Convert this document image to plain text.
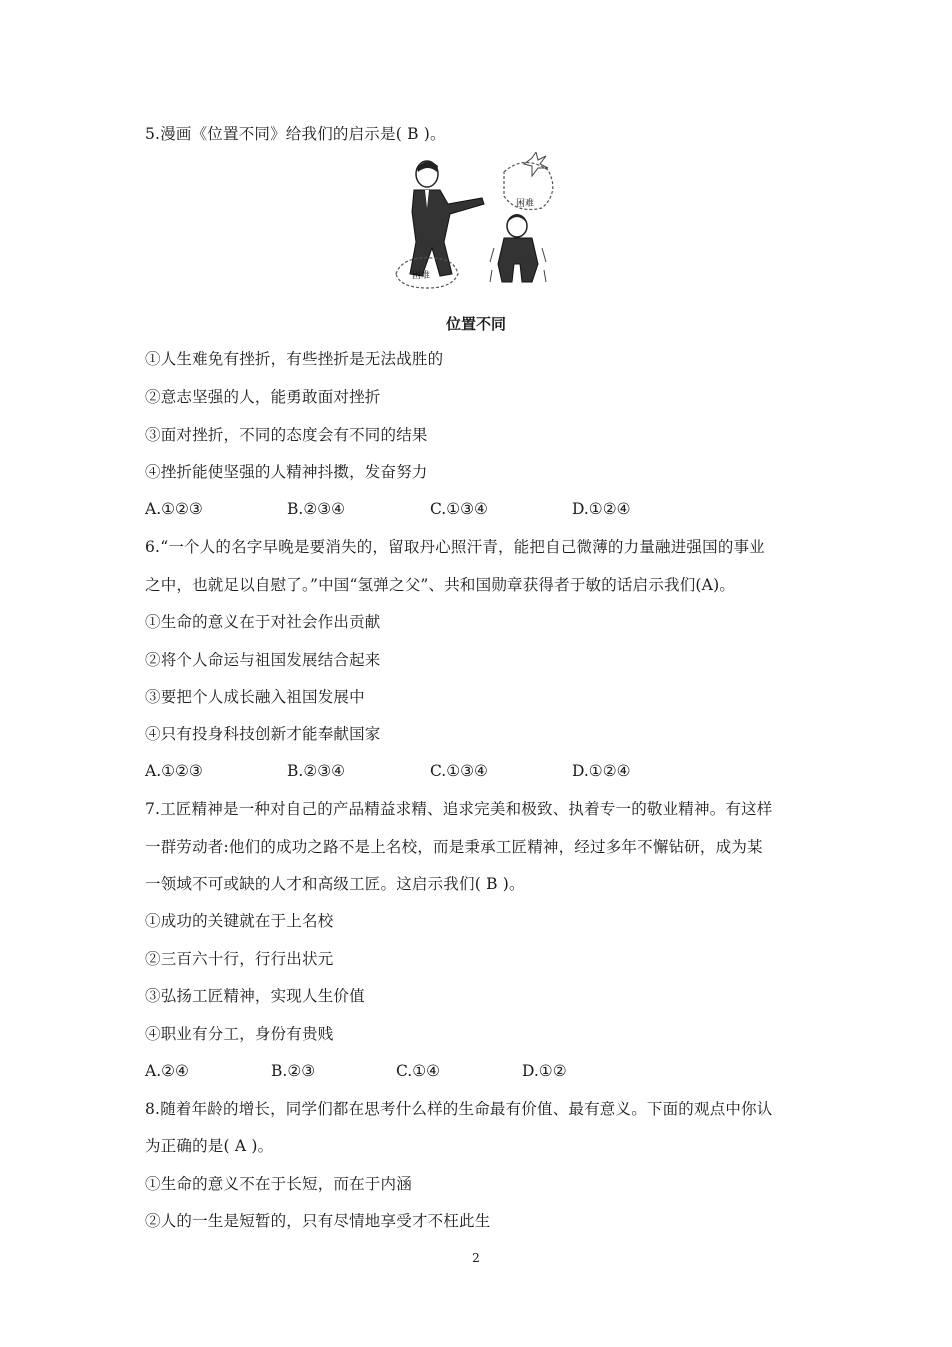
5.漫画《位置不同》给我们的启示是( B )。
困难
困难
位置不同
①人生难免有挫折，有些挫折是无法战胜的
②意志坚强的人，能勇敢面对挫折
③面对挫折，不同的态度会有不同的结果
④挫折能使坚强的人精神抖擞，发奋努力
A.①②③	B.②③④	C.①③④	D.①②④
6.“一个人的名字早晚是要消失的，留取丹心照汗青，能把自己微薄的力量融进强国的事业
之中，也就足以自慰了。”中国“氢弹之父”、共和国勋章获得者于敏的话启示我们(A)。
①生命的意义在于对社会作出贡献
②将个人命运与祖国发展结合起来
③要把个人成长融入祖国发展中
④只有投身科技创新才能奉献国家
A.①②③	B.②③④	C.①③④	D.①②④
7.工匠精神是一种对自己的产品精益求精、追求完美和极致、执着专一的敬业精神。有这样
一群劳动者:他们的成功之路不是上名校，而是秉承工匠精神，经过多年不懈钻研，成为某
一领域不可或缺的人才和高级工匠。这启示我们( B )。
①成功的关键就在于上名校
②三百六十行，行行出状元
③弘扬工匠精神，实现人生价值
④职业有分工，身份有贵贱
A.②④	B.②③	C.①④	D.①②
8.随着年龄的增长，同学们都在思考什么样的生命最有价值、最有意义。下面的观点中你认
为正确的是( A )。
①生命的意义不在于长短，而在于内涵
②人的一生是短暂的，只有尽情地享受才不枉此生
2
